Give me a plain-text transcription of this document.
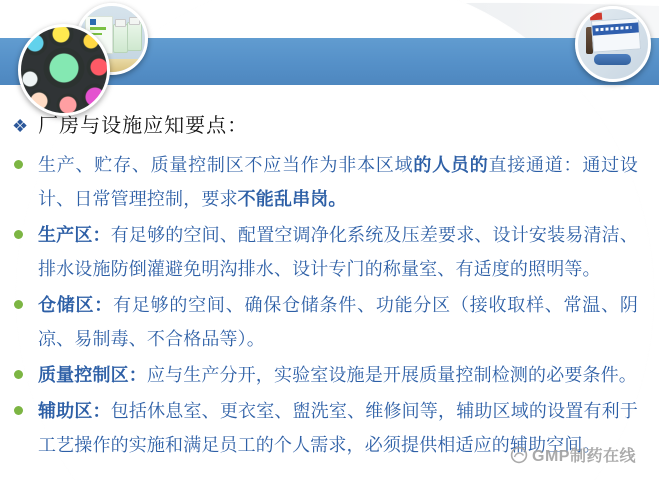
❖ 厂房与设施应知要点：
生产、贮存、质量控制区不应当作为非本区域的人员的直接通道：通过设计、日常管理控制，要求不能乱串岗。
生产区：有足够的空间、配置空调净化系统及压差要求、设计安装易清洁、排水设施防倒灌避免明沟排水、设计专门的称量室、有适度的照明等。
仓储区：有足够的空间、确保仓储条件、功能分区（接收取样、常温、阴凉、易制毒、不合格品等）。
质量控制区：应与生产分开，实验室设施是开展质量控制检测的必要条件。
辅助区：包括休息室、更衣室、盥洗室、维修间等，辅助区域的设置有利于工艺操作的实施和满足员工的个人需求，必须提供相适应的辅助空间。
GMP制药在线
